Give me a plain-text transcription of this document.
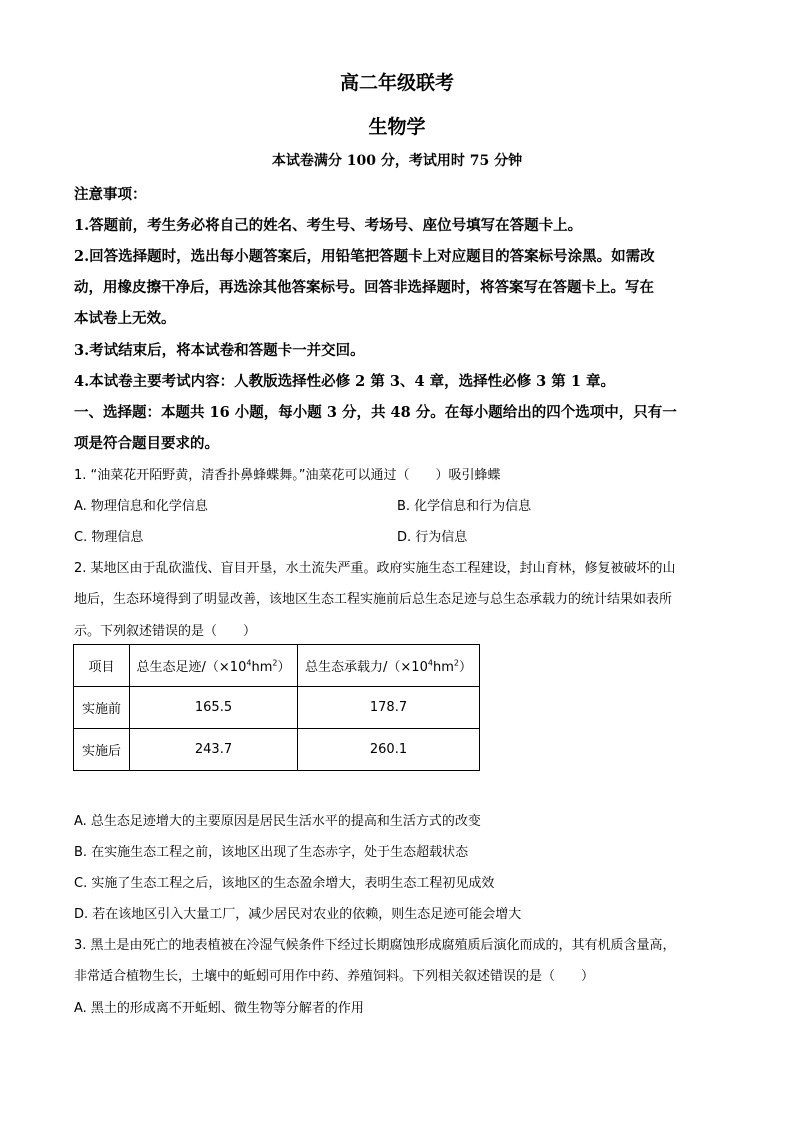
高二年级联考
生物学
本试卷满分 100 分，考试用时 75 分钟
注意事项：
1.答题前，考生务必将自己的姓名、考生号、考场号、座位号填写在答题卡上。
2.回答选择题时，选出每小题答案后，用铅笔把答题卡上对应题目的答案标号涂黑。如需改
动，用橡皮擦干净后，再选涂其他答案标号。回答非选择题时，将答案写在答题卡上。写在
本试卷上无效。
3.考试结束后，将本试卷和答题卡一并交回。
4.本试卷主要考试内容：人教版选择性必修 2 第 3、4 章，选择性必修 3 第 1 章。
一、选择题：本题共 16 小题，每小题 3 分，共 48 分。在每小题给出的四个选项中，只有一
项是符合题目要求的。
1. “油菜花开陌野黄，清香扑鼻蜂蝶舞。”油菜花可以通过（　　）吸引蜂蝶
A. 物理信息和化学信息	B. 化学信息和行为信息
C. 物理信息	D. 行为信息
2. 某地区由于乱砍滥伐、盲目开垦，水土流失严重。政府实施生态工程建设，封山育林，修复被破坏的山
地后，生态环境得到了明显改善，该地区生态工程实施前后总生态足迹与总生态承载力的统计结果如表所
示。下列叙述错误的是（　　）
项目	总生态足迹$/(\times 10^4hm^2)$	总生态承载力$/(\times 10^4hm^2)$
实施前	165.5	178.7
实施后	243.7	260.1
A. 总生态足迹增大的主要原因是居民生活水平的提高和生活方式的改变
B. 在实施生态工程之前，该地区出现了生态赤字，处于生态超载状态
C. 实施了生态工程之后，该地区的生态盈余增大，表明生态工程初见成效
D. 若在该地区引入大量工厂，减少居民对农业的依赖，则生态足迹可能会增大
3. 黑土是由死亡的地表植被在冷湿气候条件下经过长期腐蚀形成腐殖质后演化而成的，其有机质含量高，
非常适合植物生长，土壤中的蚯蚓可用作中药、养殖饲料。下列相关叙述错误的是（　　）
A. 黑土的形成离不开蚯蚓、微生物等分解者的作用
